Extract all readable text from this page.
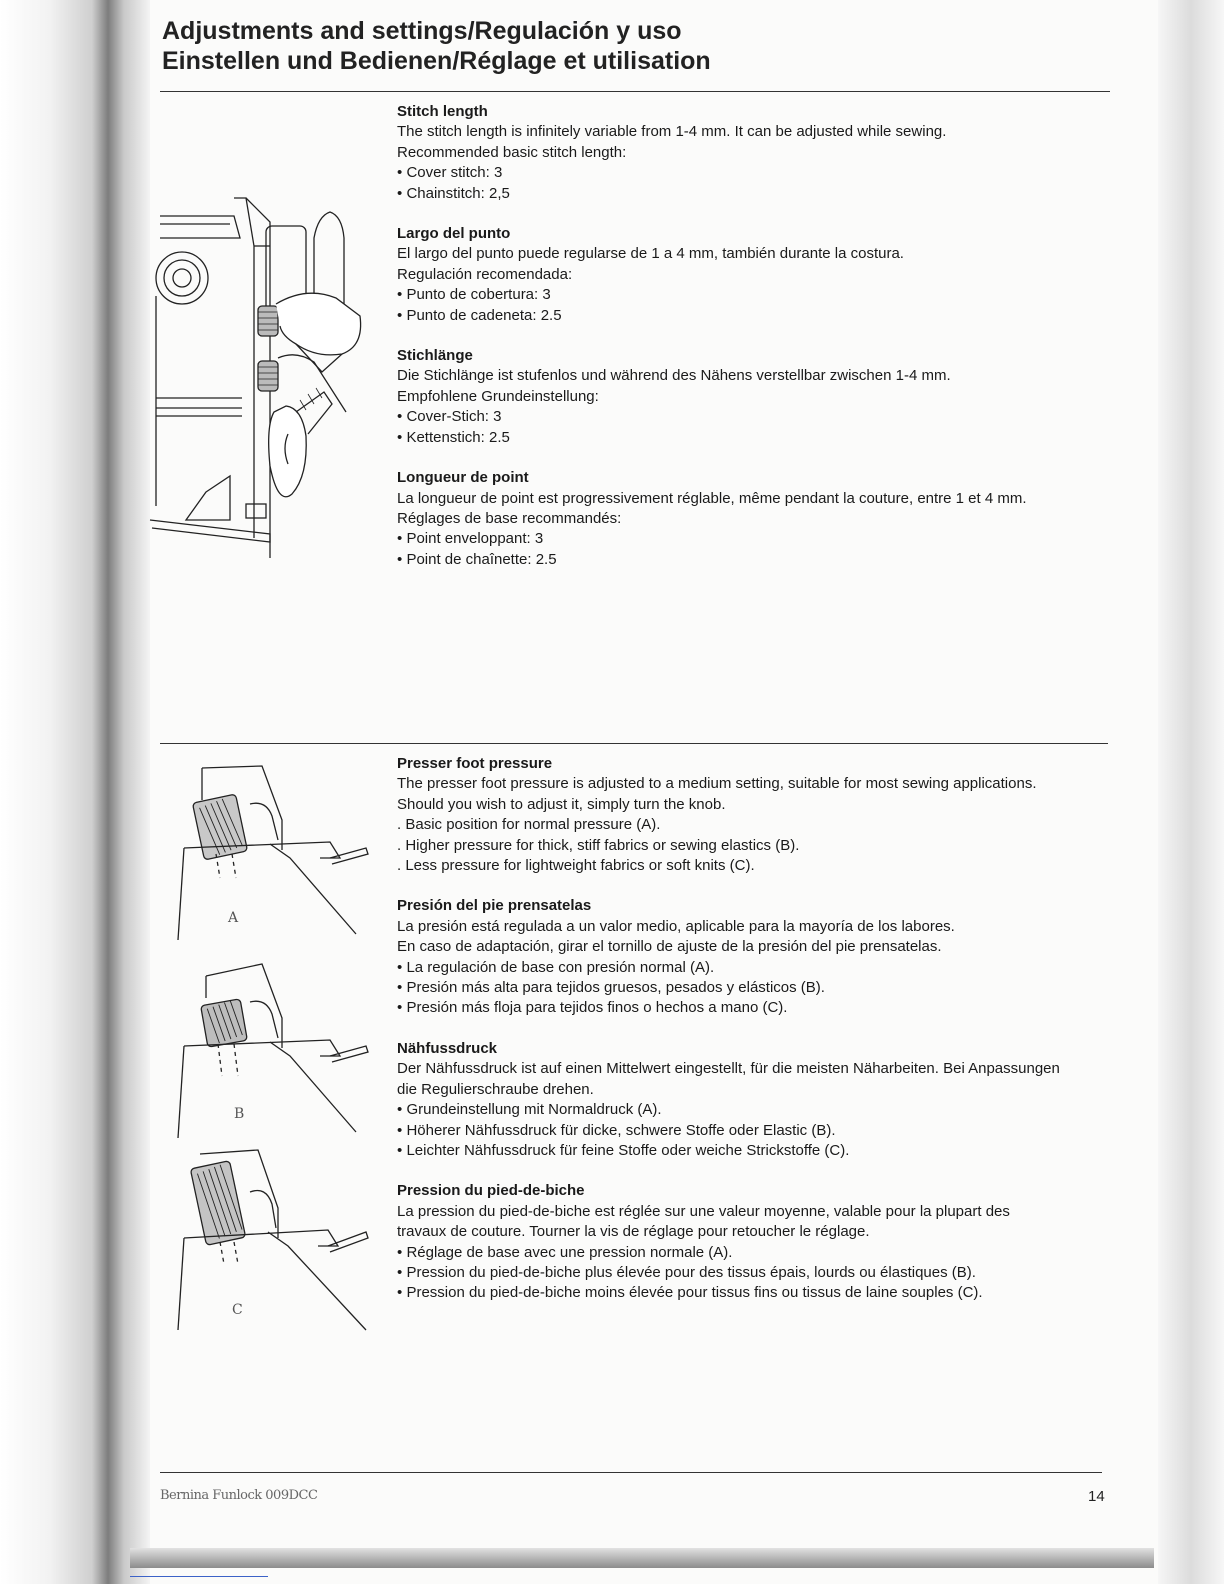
Adjustments and settings/Regulación y uso
Einstellen und Bedienen/Réglage et utilisation
Stitch length

The stitch length is infinitely variable from 1-4 mm. It can be adjusted while sewing.

Recommended basic stitch length:

• Cover stitch: 3
• Chainstitch: 2,5
Largo del punto

El largo del punto puede regularse de 1 a 4 mm, también durante la costura.

Regulación recomendada:

• Punto de cobertura: 3
• Punto de cadeneta: 2.5
Stichlänge

Die Stichlänge ist stufenlos und während des Nähens verstellbar zwischen 1-4 mm.

Empfohlene Grundeinstellung:

• Cover-Stich: 3
• Kettenstich: 2.5
Longueur de point

La longueur de point est progressivement réglable, même pendant la couture, entre 1 et 4 mm.

Réglages de base recommandés:

• Point enveloppant: 3
• Point de chaînette: 2.5
A
B
C
Presser foot pressure

The presser foot pressure is adjusted to a medium setting, suitable for most sewing applications.

Should you wish to adjust it, simply turn the knob.

. Basic position for normal pressure (A).
. Higher pressure for thick, stiff fabrics or sewing elastics (B).
. Less pressure for lightweight fabrics or soft knits (C).
Presión del pie prensatelas

La presión está regulada a un valor medio, aplicable para la mayoría de los labores.

En caso de adaptación, girar el tornillo de ajuste de la presión del pie prensatelas.

• La regulación de base con presión normal (A).
• Presión más alta para tejidos gruesos, pesados y elásticos (B).
• Presión más floja para tejidos finos o hechos a mano (C).
Nähfussdruck

Der Nähfussdruck ist auf einen Mittelwert eingestellt, für die meisten Näharbeiten. Bei Anpassungen

die Regulierschraube drehen.

• Grundeinstellung mit Normaldruck (A).
• Höherer Nähfussdruck für dicke, schwere Stoffe oder Elastic (B).
• Leichter Nähfussdruck für feine Stoffe oder weiche Strickstoffe (C).
Pression du pied-de-biche

La pression du pied-de-biche est réglée sur une valeur moyenne, valable pour la plupart des

travaux de couture. Tourner la vis de réglage pour retoucher le réglage.

• Réglage de base avec une pression normale (A).
• Pression du pied-de-biche plus élevée pour des tissus épais, lourds ou élastiques (B).
• Pression du pied-de-biche moins élevée pour tissus fins ou tissus de laine souples (C).
Bernina Funlock 009DCC	14
